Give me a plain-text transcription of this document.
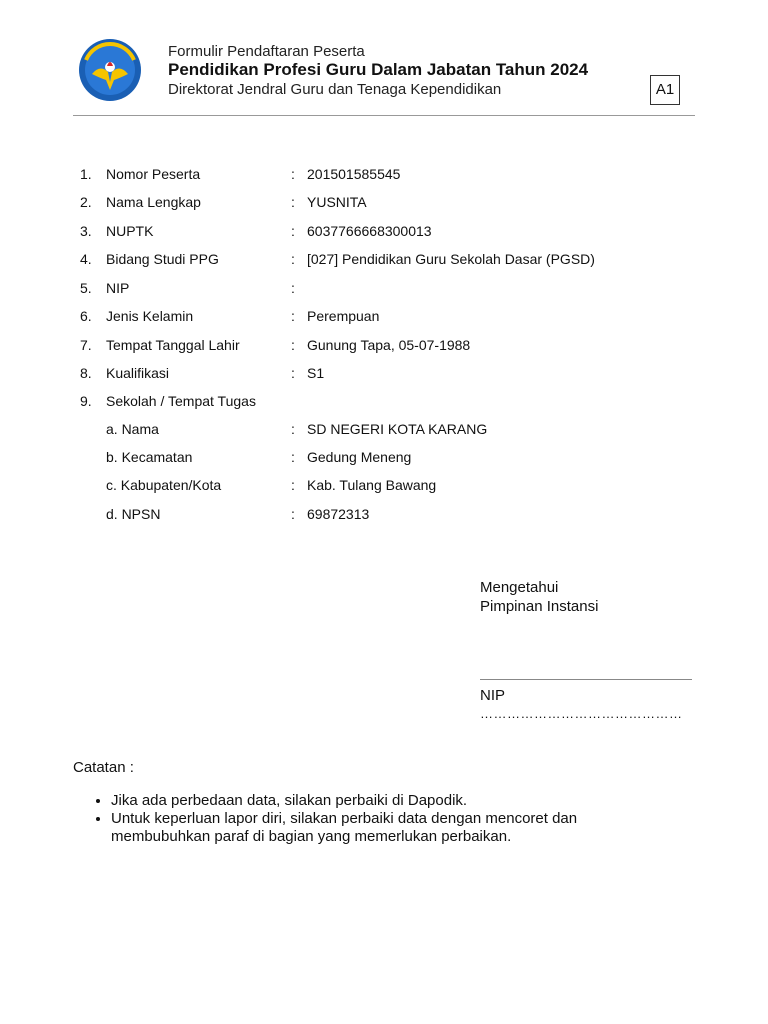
Formulir Pendaftaran Peserta
Pendidikan Profesi Guru Dalam Jabatan Tahun 2024
Direktorat Jendral Guru dan Tenaga Kependidikan	A1
1. Nomor Peserta	: 201501585545
2. Nama Lengkap	: YUSNITA
3. NUPTK	: 6037766668300013
4. Bidang Studi PPG	: [027] Pendidikan Guru Sekolah Dasar (PGSD)
5. NIP	:
6. Jenis Kelamin	: Perempuan
7. Tempat Tanggal Lahir	: Gunung Tapa, 05-07-1988
8. Kualifikasi	: S1
9. Sekolah / Tempat Tugas
a. Nama	: SD NEGERI KOTA KARANG
b. Kecamatan	: Gedung Meneng
c. Kabupaten/Kota	: Kab. Tulang Bawang
d. NPSN	: 69872313
Mengetahui
Pimpinan Instansi
NIP
………………………………………
Catatan :
• Jika ada perbedaan data, silakan perbaiki di Dapodik.
• Untuk keperluan lapor diri, silakan perbaiki data dengan mencoret dan membubuhkan paraf di bagian yang memerlukan perbaikan.
